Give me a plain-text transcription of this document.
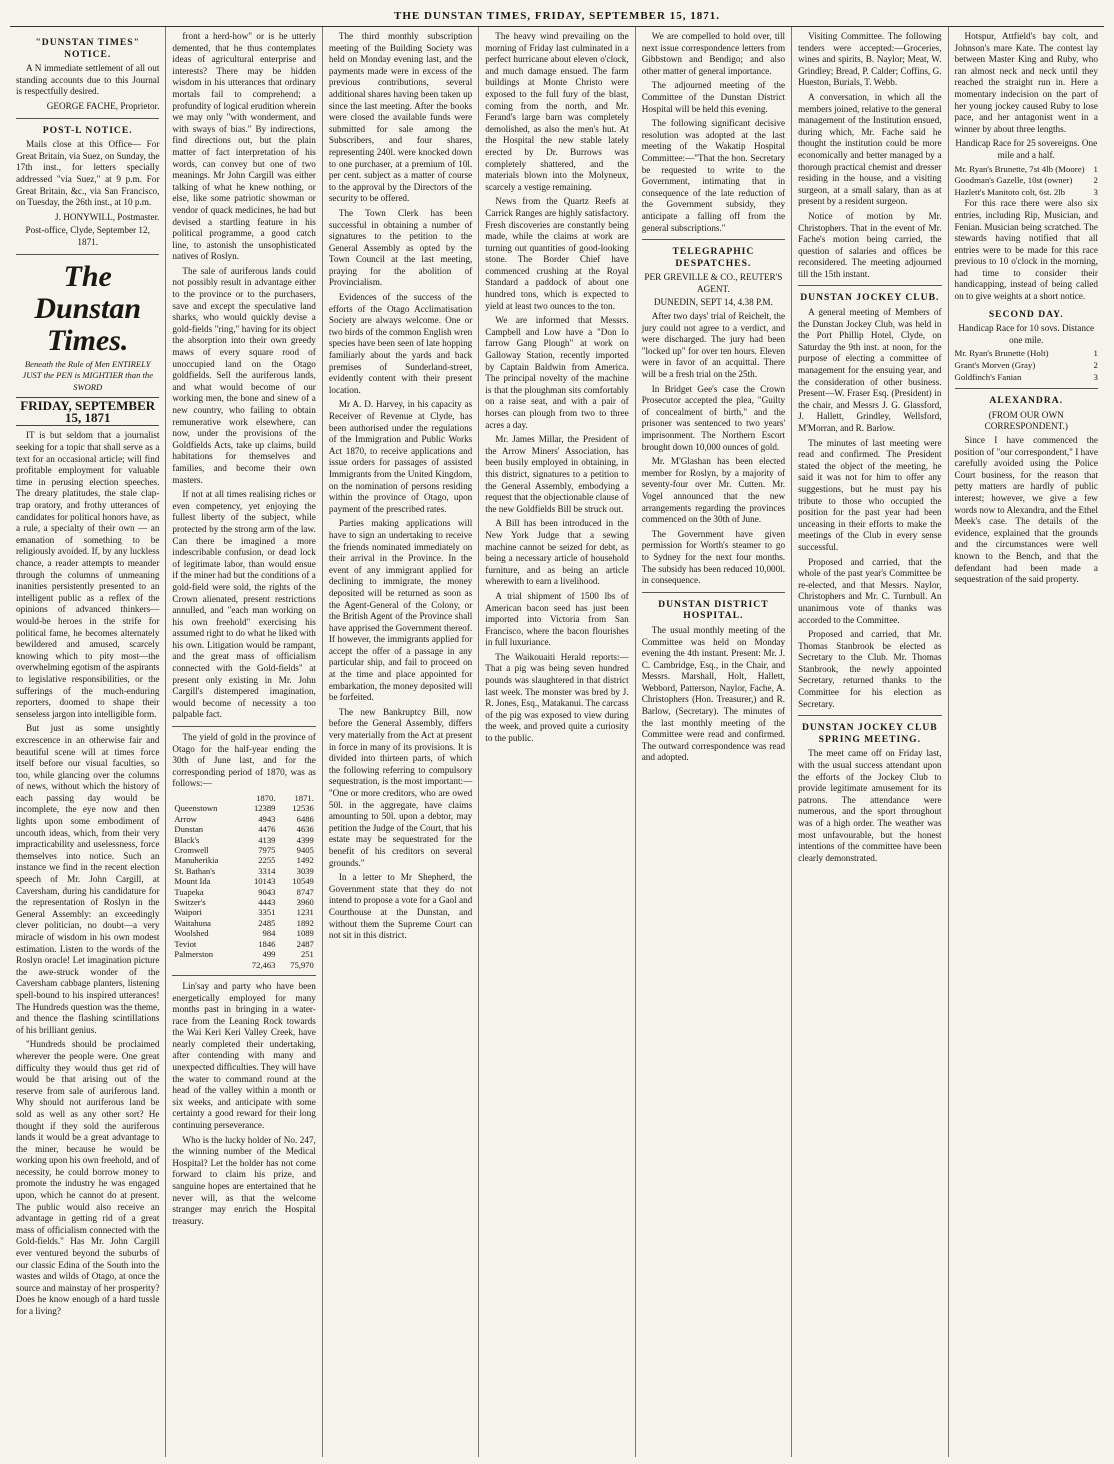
THE DUNSTAN TIMES, FRIDAY, SEPTEMBER 15, 1871.
"DUNSTAN TIMES" NOTICE.

A N immediate settlement of all out standing accounts due to this Journal is respectfully desired.

GEORGE FACHE, Proprietor.
POST-L NOTICE.

Mails close at this Office— For Great Britain, via Suez, on Sunday, the 17th inst., for letters specially addressed "via Suez," at 9 p.m. For Great Britain, &c., via San Francisco, on Tuesday, the 26th inst., at 10 p.m.

J. HONYWILL, Postmaster.
Post-office, Clyde, September 12, 1871.
The Dunstan Times.
Beneath the Rule of Men ENTIRELY JUST the PEN is MIGHTIER than the SWORD
FRIDAY, SEPTEMBER 15, 1871

IT is but seldom that a journalist seeking for a topic that shall serve as a text for an occasional article; will find profitable employment for valuable time in perusing election speeches. The dreary platitudes, the stale clap-trap oratory, and frothy utterances of candidates for political honors have, as a rule, a specialty of their own — an emanation of something to be religiously avoided. If, by any luckless chance, a reader attempts to meander through the columns of unmeaning inanities persistently presented to an intelligent public as a reflex of the opinions of advanced thinkers—would-be heroes in the strife for political fame, he becomes alternately bewildered and amused, scarcely knowing which to pity most—the overwhelming egotism of the aspirants to legislative responsibilities, or the sufferings of the much-enduring reporters, doomed to shape their senseless jargon into intelligible form.

But just as some unsightly excrescence in an otherwise fair and beautiful scene will at times force itself before our visual faculties, so too, while glancing over the columns of news, without which the history of each passing day would be incomplete, the eye now and then lights upon some embodiment of uncouth ideas, which, from their very impracticability and uselessness, force themselves into notice. Such an instance we find in the recent election speech of Mr. John Cargill, at Caversham, during his candidature for the representation of Roslyn in the General Assembly: an exceedingly clever politician, no doubt—a very miracle of wisdom in his own modest estimation. Listen to the words of the Roslyn oracle! Let imagination picture the awe-struck wonder of the Caversham cabbage planters, listening spell-bound to his inspired utterances! The Hundreds question was the theme, and thence the flashing scintillations of his brilliant genius.

"Hundreds should be proclaimed wherever the people were. One great difficulty they would thus get rid of would be that arising out of the reserve from sale of auriferous land. Why should not auriferous land be sold as well as any other sort? He thought if they sold the auriferous lands it would be a great advantage to the miner, because he would be working upon his own freehold, and of necessity, he could borrow money to promote the industry he was engaged upon, which he cannot do at present. The public would also receive an advantage in getting rid of a great mass of officialism connected with the Gold-fields." Has Mr. John Cargill ever ventured beyond the suburbs of our classic Edina of the South into the wastes and wilds of Otago, at once the source and mainstay of her prosperity? Does he know enough of a hard tussle for a living?

front a herd-how" or is he utterly demented, that he thus contemplates ideas of agricultural enterprise and interests? There may be hidden wisdom in his utterances that ordinary mortals fail to comprehend; a profundity of logical erudition wherein we may only "with wonderment, and with sways of bias." By indirections, find directions out, but the plain matter of fact interpretation of his words, can convey but one of two meanings. Mr John Cargill was either talking of what he knew nothing, or else, like some patriotic showman or vendor of quack medicines, he had but devised a startling feature in his political programme, a good catch line, to astonish the unsophisticated natives of Roslyn.

The sale of auriferous lands could not possibly result in advantage either to the province or to the purchasers, save and except the speculative land sharks, who would quickly devise a gold-fields "ring," having for its object the absorption into their own greedy maws of every square rood of unoccupied land on the Otago goldfields. Sell the auriferous lands, and what would become of our working men, the bone and sinew of a new country, who failing to obtain remunerative work elsewhere, can now, under the provisions of the Goldfields Acts, take up claims, build habitations for themselves and families, and become their own masters.

If not at all times realising riches or even competency, yet enjoying the fullest liberty of the subject, while protected by the strong arm of the law. Can there be imagined a more indescribable confusion, or dead lock of legitimate labor, than would ensue if the miner had but the conditions of a gold-field were sold, the rights of the Crown alienated, present restrictions annulled, and "each man working on his own freehold" exercising his assumed right to do what he liked with his own. Litigation would be rampant, and the great mass of officialism connected with the Gold-fields" at present only existing in Mr. John Cargill's distempered imagination, would become of necessity a too palpable fact.

The yield of gold in the province of Otago for the half-year ending the 30th of June last, and for the corresponding period of 1870, was as follows:—

	1870.	1871.
Queenstown	12389	12536
Arrow	4943	6486
Dunstan	4476	4636
Black's	4139	4399
Cromwell	7975	9405
Manuherikia	2255	1492
St. Bathan's	3314	3039
Mount Ida	10143	10549
Tuapeka	9043	8747
Switzer's	4443	3960
Waipori	3351	1231
Waitahuna	2485	1892
Woolshed	984	1089
Teviot	1846	2487
Palmerston	499	251
	72,463	75,970

Lin'say and party who have been energetically employed for many months past in bringing in a water-race from the Leaning Rock towards the Wai Keri Keri Valley Creek, have nearly completed their undertaking, after contending with many and unexpected difficulties. They will have the water to command round at the head of the valley within a month or six weeks, and anticipate with some certainty a good reward for their long continuing perseverance.

Who is the lucky holder of No. 247, the winning number of the Medical Hospital? Let the holder has not come forward to claim his prize, and sanguine hopes are entertained that he never will, as that the welcome stranger may enrich the Hospital treasury.

The third monthly subscription meeting of the Building Society was held on Monday evening last, and the payments made were in excess of the previous contributions, several additional shares having been taken up since the last meeting. After the books were closed the available funds were submitted for sale among the Subscribers, and four shares, representing 240l. were knocked down to one purchaser, at a premium of 10l. per cent. subject as a matter of course to the approval by the Directors of the security to be offered.

The Town Clerk has been successful in obtaining a number of signatures to the petition to the General Assembly as opted by the Town Council at the last meeting, praying for the abolition of Provincialism.

Evidences of the success of the efforts of the Otago Acclimatisation Society are always welcome. One or two birds of the common English wren species have been seen of late hopping familiarly about the yards and back premises of Sunderland-street, evidently content with their present location.

Mr A. D. Harvey, in his capacity as Receiver of Revenue at Clyde, has been authorised under the regulations of the Immigration and Public Works Act 1870, to receive applications and issue orders for passages of assisted Immigrants from the United Kingdom, on the nomination of persons residing within the province of Otago, upon payment of the prescribed rates.

Parties making applications will have to sign an undertaking to receive the friends nominated immediately on their arrival in the Province. In the event of any immigrant applied for declining to immigrate, the money deposited will be returned as soon as the Agent-General of the Colony, or the British Agent of the Province shall have apprised the Government thereof. If however, the immigrants applied for accept the offer of a passage in any particular ship, and fail to proceed on at the time and place appointed for embarkation, the money deposited will be forfeited.

The new Bankruptcy Bill, now before the General Assembly, differs very materially from the Act at present in force in many of its provisions. It is divided into thirteen parts, of which the following referring to compulsory sequestration, is the most important:— "One or more creditors, who are owed 50l. in the aggregate, have claims amounting to 50l. upon a debtor, may petition the Judge of the Court, that his estate may be sequestrated for the benefit of his creditors on several grounds."

In a letter to Mr Shepherd, the Government state that they do not intend to propose a vote for a Gaol and Courthouse at the Dunstan, and without them the Supreme Court can not sit in this district.

The heavy wind prevailing on the morning of Friday last culminated in a perfect hurricane about eleven o'clock, and much damage ensued. The farm buildings at Monte Christo were exposed to the full fury of the blast, coming from the north, and Mr. Ferand's large barn was completely demolished, as also the men's hut. At the Hospital the new stable lately erected by Dr. Burrows was completely shattered, and the materials blown into the Molyneux, scarcely a vestige remaining.

News from the Quartz Reefs at Carrick Ranges are highly satisfactory. Fresh discoveries are constantly being made, while the claims at work are turning out quantities of good-looking stone. The Border Chief have commenced crushing at the Royal Standard a paddock of about one hundred tons, which is expected to yield at least two ounces to the ton.

We are informed that Messrs. Campbell and Low have a "Don lo farrow Gang Plough" at work on Galloway Station, recently imported by Captain Baldwin from America. The principal novelty of the machine is that the ploughman sits comfortably on a raise seat, and with a pair of horses can plough from two to three acres a day.

Mr. James Millar, the President of the Arrow Miners' Association, has been busily employed in obtaining, in this district, signatures to a petition to the General Assembly, embodying a request that the objectionable clause of the new Goldfields Bill be struck out.

A Bill has been introduced in the New York Judge that a sewing machine cannot be seized for debt, as being a necessary article of household furniture, and as being an article wherewith to earn a livelihood.

A trial shipment of 1500 lbs of American bacon seed has just been imported into Victoria from San Francisco, where the bacon flourishes in full luxuriance.

The Waikouaiti Herald reports:—That a pig was being seven hundred pounds was slaughtered in that district last week. The monster was bred by J. R. Jones, Esq., Matakanui. The carcass of the pig was exposed to view during the week, and proved quite a curiosity to the public.

We are compelled to hold over, till next issue correspondence letters from Gibbstown and Bendigo; and also other matter of general importance.

The adjourned meeting of the Committee of the Dunstan District Hospital will be held this evening.

The following significant decisive resolution was adopted at the last meeting of the Wakatip Hospital Committee:—"That the hon. Secretary be requested to write to the Government, intimating that in consequence of the late reduction of the Government subsidy, they anticipate a falling off from the general subscriptions."

TELEGRAPHIC DESPATCHES.
PER GREVILLE & CO., REUTER'S AGENT.
DUNEDIN, SEPT 14, 4.38 P.M.

After two days' trial of Reichelt, the jury could not agree to a verdict, and were discharged. The jury had been "locked up" for over ten hours. Eleven were in favor of an acquittal. There will be a fresh trial on the 25th.

In Bridget Gee's case the Crown Prosecutor accepted the plea, "Guilty of concealment of birth," and the prisoner was sentenced to two years' imprisonment. The Northern Escort brought down 10,000 ounces of gold.

Mr. M'Glashan has been elected member for Roslyn, by a majority of seventy-four over Mr. Cutten. Mr. Vogel announced that the new arrangements regarding the provinces commenced on the 30th of June.

The Government have given permission for Worth's steamer to go to Sydney for the next four months. The subsidy has been reduced 10,000l. in consequence.

DUNSTAN DISTRICT HOSPITAL.

The usual monthly meeting of the Committee was held on Monday evening the 4th instant. Present: Mr. J. C. Cambridge, Esq., in the Chair, and Messrs. Marshall, Holt, Hallett, Webbord, Patterson, Naylor, Fache, A. Christophers (Hon. Treasurer,) and R. Barlow, (Secretary). The minutes of the last monthly meeting of the Committee were read and confirmed. The outward correspondence was read and adopted.

Visiting Committee. The following tenders were accepted:—Groceries, wines and spirits, B. Naylor; Meat, W. Grindley; Bread, P. Calder; Coffins, G. Hueston, Burials, T. Webb.

A conversation, in which all the members joined, relative to the general management of the Institution ensued, during which, Mr. Fache said he thought the institution could be more economically and better managed by a thorough practical chemist and dresser residing in the house, and a visiting surgeon, at a small salary, than as at present by a resident surgeon.

Notice of motion by Mr. Christophers. That in the event of Mr. Fache's motion being carried, the question of salaries and offices be reconsidered. The meeting adjourned till the 15th instant.

DUNSTAN JOCKEY CLUB.

A general meeting of Members of the Dunstan Jockey Club, was held in the Port Phillip Hotel, Clyde, on Saturday the 9th inst. at noon, for the purpose of electing a committee of management for the ensuing year, and the consideration of other business. Present—W. Fraser Esq. (President) in the chair, and Messrs J. G. Glassford, J. Hallett, Grindley, Wellsford, M'Morran, and R. Barlow.

The minutes of last meeting were read and confirmed. The President stated the object of the meeting, he said it was not for him to offer any suggestions, but he must pay his tribute to those who occupied the position for the past year had been unceasing in their efforts to make the meetings of the Club in every sense successful.

Proposed and carried, that the whole of the past year's Committee be re-elected, and that Messrs. Naylor, Christophers and Mr. C. Turnbull. An unanimous vote of thanks was accorded to the Committee.

Proposed and carried, that Mr. Thomas Stanbrook be elected as Secretary to the Club. Mr. Thomas Stanbrook, the newly appointed Secretary, returned thanks to the Committee for his election as Secretary.

DUNSTAN JOCKEY CLUB SPRING MEETING.

The meet came off on Friday last, with the usual success attendant upon the efforts of the Jockey Club to provide legitimate amusement for its patrons. The attendance were numerous, and the sport throughout was of a high order. The weather was most unfavourable, but the honest intentions of the committee have been clearly demonstrated.

Hotspur, Attfield's bay colt, and Johnson's mare Kate. The contest lay between Master King and Ruby, who ran almost neck and neck until they reached the straight run in. Here a momentary indecision on the part of her young jockey caused Ruby to lose pace, and her antagonist went in a winner by about three lengths.

Handicap Race for 25 sovereigns. One mile and a half.
Mr. Ryan's Brunette, 7st 4lb (Moore) 1
Goodman's Gazelle, 10st (owner) 2
Hazlett's Manitoto colt, 6st. 2lb	3

For this race there were also six entries, including Rip, Musician, and Fenian. Musician being scratched. The stewards having notified that all entries were to be made for this race previous to 10 o'clock in the morning, had time to consider their handicapping, instead of being called on to give weights at a short notice.

SECOND DAY.
Handicap Race for 10 sovs. Distance one mile.
Mr. Ryan's Brunette (Holt)	1
Grant's Morven (Gray)	2
Goldfinch's Fanian	3
ALEXANDRA.
(FROM OUR OWN CORRESPONDENT.)

Since I have commenced the position of "our correspondent," I have carefully avoided using the Police Court business, for the reason that petty matters are hardly of public interest; however, we give a few words now to Alexandra, and the Ethel Meek's case. The details of the evidence, explained that the grounds and the circumstances were well known to the Bench, and that the defendant had been made a sequestration of the said property.
